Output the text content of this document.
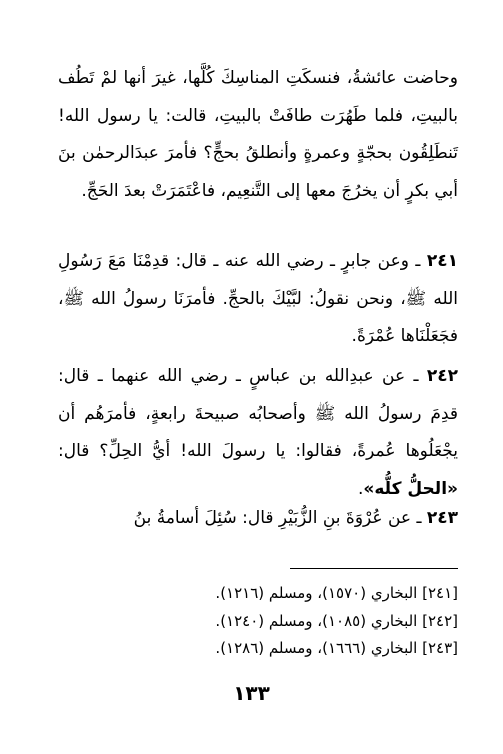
وحاضت عائشةُ، فنسكَتِ المناسِكَ كُلَّها، غيرَ أنها لمْ تَطُف بالبيتِ، فلما طَهُرَت طافَتْ بالبيتِ، قالت: يا رسول الله! تَنطَلِقُون بحجّةٍ وعمرةٍ وأنطلقُ بحجٍّ؟ فأمرَ عبدَالرحمٰن بنَ أبي بكرٍ أن يخرُجَ معها إلى التَّنعِيم، فاعْتَمَرَتْ بعدَ الحَجِّ.
٢٤١ ـ وعن جابرٍ ـ رضي الله عنه ـ قال: قدِمْنَا مَعَ رَسُولِ الله ﷺ، ونحن نقولُ: لبَّيْكَ بالحجِّ. فأمرَنَا رسولُ الله ﷺ، فجَعَلْنَاها عُمْرَةً.
٢٤٢ ـ عن عبدِالله بن عباسٍ ـ رضي الله عنهما ـ قال: قدِمَ رسولُ الله ﷺ وأصحابُه صبيحةَ رابعةٍ، فأمرَهُم أن يجْعَلُوها عُمرةً، فقالوا: يا رسولَ الله! أيُّ الحِلِّ؟ قال: «الحلُّ كلُّه».
٢٤٣ ـ عن عُرْوَةَ بنِ الزُّبَيْرِ قال: سُئِلَ أسامةُ بنُ
[٢٤١] البخاري (١٥٧٠)، ومسلم (١٢١٦).
[٢٤٢] البخاري (١٠٨٥)، ومسلم (١٢٤٠).
[٢٤٣] البخاري (١٦٦٦)، ومسلم (١٢٨٦).
١٣٣
